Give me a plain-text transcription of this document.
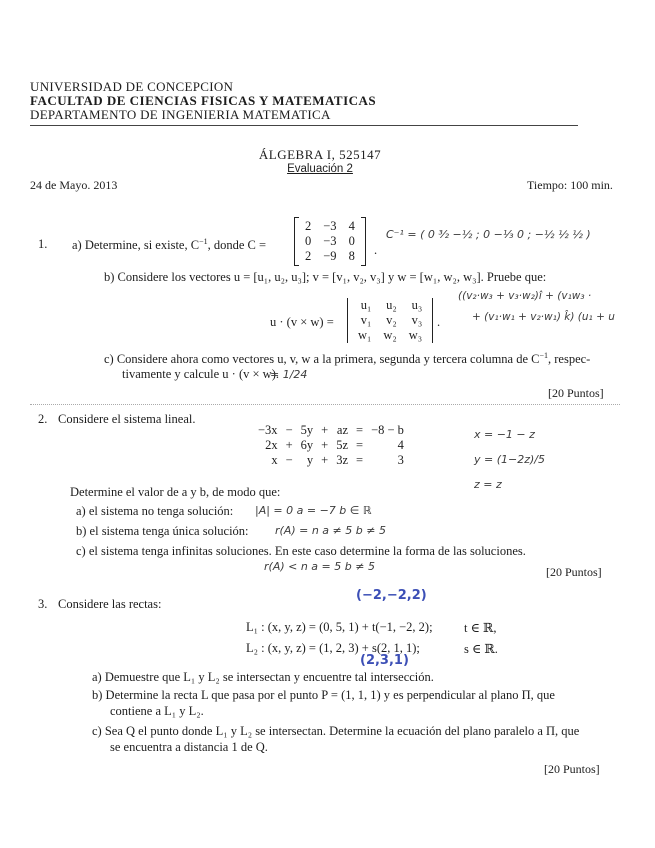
UNIVERSIDAD DE CONCEPCION
FACULTAD DE CIENCIAS FISICAS Y MATEMATICAS
DEPARTAMENTO DE INGENIERIA MATEMATICA
ÁLGEBRA I, 525147
Evaluación 2
24 de Mayo. 2013	Tiempo: 100 min.
1. a) Determine, si existe, $C^{-1}$, donde C =
2	−3	4
0	−3	0
2	−9	8 .
C⁻¹ = ( 0 ³⁄₂ −½ ; 0 −⅓ 0 ; −½ ½ ½ )
b) Considere los vectores u = [u₁, u₂, u₃]; v = [v₁, v₂, v₃] y w = [w₁, w₂, w₃]. Pruebe que:
u · (v × w) =
u₁	u₂	u₃
v₁	v₂	v₃
w₁	w₂	w₃
.
((v₂·w₃ + v₃·w₂)î + (v₁w₃ ·
+ (v₁·w₁ + v₂·w₁) k̂) (u₁ + u
c) Considere ahora como vectores u, v, w a la primera, segunda y tercera columna de $C^{-1}$, respec-
tivamente y calcule u · (v × w).
= 1/24
[20 Puntos]
2. Considere el sistema lineal.
−3x	−	5y	+	az	=	−8 − b
2x	+	6y	+	5z	=	4
x	−	y	+	3z	=	3
x = −1 − z
y = (1−2z)/5
z = z
Determine el valor de a y b, de modo que:
a) el sistema no tenga solución: |A| = 0 a = −7 b ∈ ℝ
b) el sistema tenga única solución: r(A) = n a ≠ 5 b ≠ 5
c) el sistema tenga infinitas soluciones. En este caso determine la forma de las soluciones.
r(A) < n a = 5 b ≠ 5	[20 Puntos]
3. Considere las rectas:
(−2,−2,2)
L₁ : (x, y, z) = (0, 5, 1) + t(−1, −2, 2);	t ∈ ℝ,
L₂ : (x, y, z) = (1, 2, 3) + s(2, 1, 1);	s ∈ ℝ.
(2,3,1)
a) Demuestre que L₁ y L₂ se intersectan y encuentre tal intersección.
b) Determine la recta L que pasa por el punto P = (1, 1, 1) y es perpendicular al plano Π, que
contiene a L₁ y L₂.
c) Sea Q el punto donde L₁ y L₂ se intersectan. Determine la ecuación del plano paralelo a Π, que
se encuentra a distancia 1 de Q.
[20 Puntos]
